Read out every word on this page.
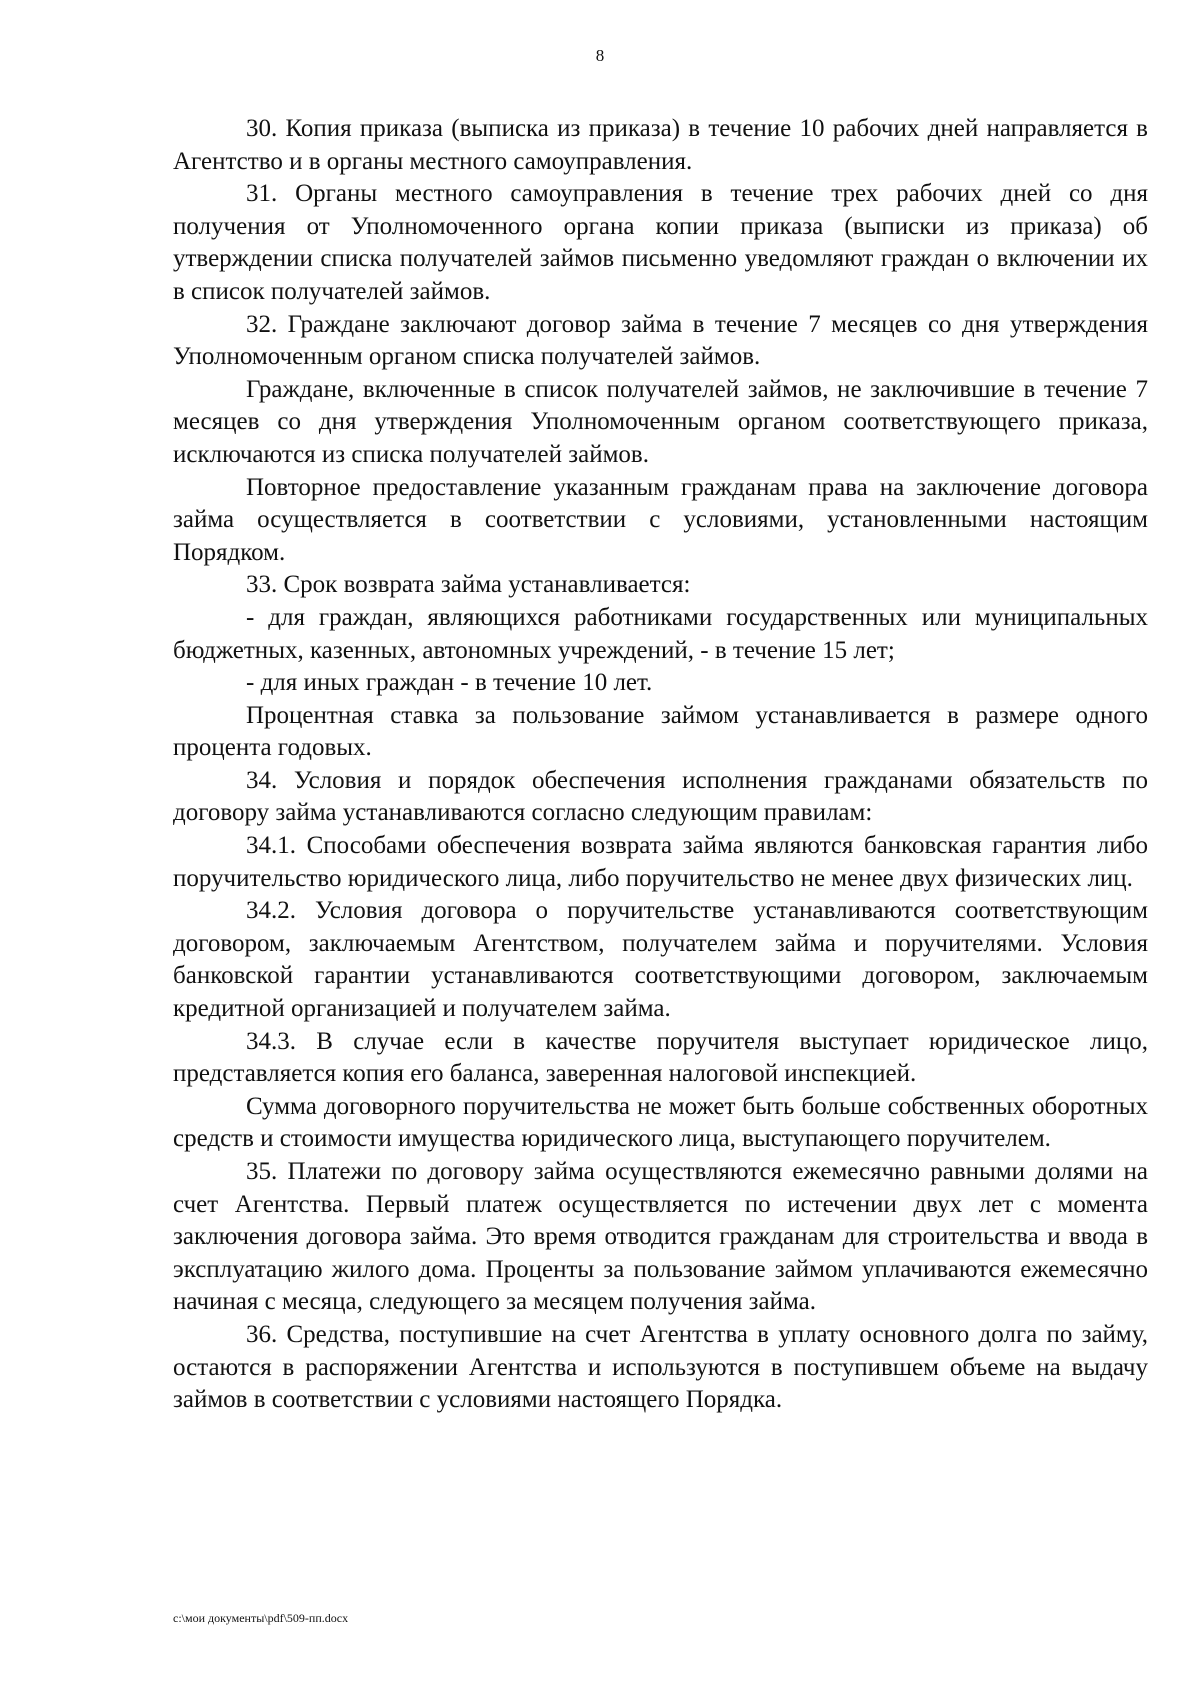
8

30. Копия приказа (выписка из приказа) в течение 10 рабочих дней направляется в Агентство и в органы местного самоуправления.

31. Органы местного самоуправления в течение трех рабочих дней со дня получения от Уполномоченного органа копии приказа (выписки из приказа) об утверждении списка получателей займов письменно уведомляют граждан о включении их в список получателей займов.

32. Граждане заключают договор займа в течение 7 месяцев со дня утверждения Уполномоченным органом списка получателей займов.

Граждане, включенные в список получателей займов, не заключившие в течение 7 месяцев со дня утверждения Уполномоченным органом соответствующего приказа, исключаются из списка получателей займов.

Повторное предоставление указанным гражданам права на заключение договора займа осуществляется в соответствии с условиями, установленными настоящим Порядком.

33. Срок возврата займа устанавливается:

- для граждан, являющихся работниками государственных или муниципальных бюджетных, казенных, автономных учреждений, - в течение 15 лет;

- для иных граждан - в течение 10 лет.

Процентная ставка за пользование займом устанавливается в размере одного процента годовых.

34. Условия и порядок обеспечения исполнения гражданами обязательств по договору займа устанавливаются согласно следующим правилам:

34.1. Способами обеспечения возврата займа являются банковская гарантия либо поручительство юридического лица, либо поручительство не менее двух физических лиц.

34.2. Условия договора о поручительстве устанавливаются соответствующим договором, заключаемым Агентством, получателем займа и поручителями. Условия банковской гарантии устанавливаются соответствующими договором, заключаемым кредитной организацией и получателем займа.

34.3. В случае если в качестве поручителя выступает юридическое лицо, представляется копия его баланса, заверенная налоговой инспекцией.

Сумма договорного поручительства не может быть больше собственных оборотных средств и стоимости имущества юридического лица, выступающего поручителем.

35. Платежи по договору займа осуществляются ежемесячно равными долями на счет Агентства. Первый платеж осуществляется по истечении двух лет с момента заключения договора займа. Это время отводится гражданам для строительства и ввода в эксплуатацию жилого дома. Проценты за пользование займом уплачиваются ежемесячно начиная с месяца, следующего за месяцем получения займа.

36. Средства, поступившие на счет Агентства в уплату основного долга по займу, остаются в распоряжении Агентства и используются в поступившем объеме на выдачу займов в соответствии с условиями настоящего Порядка.

c:\мои документы\pdf\509-пп.docx
